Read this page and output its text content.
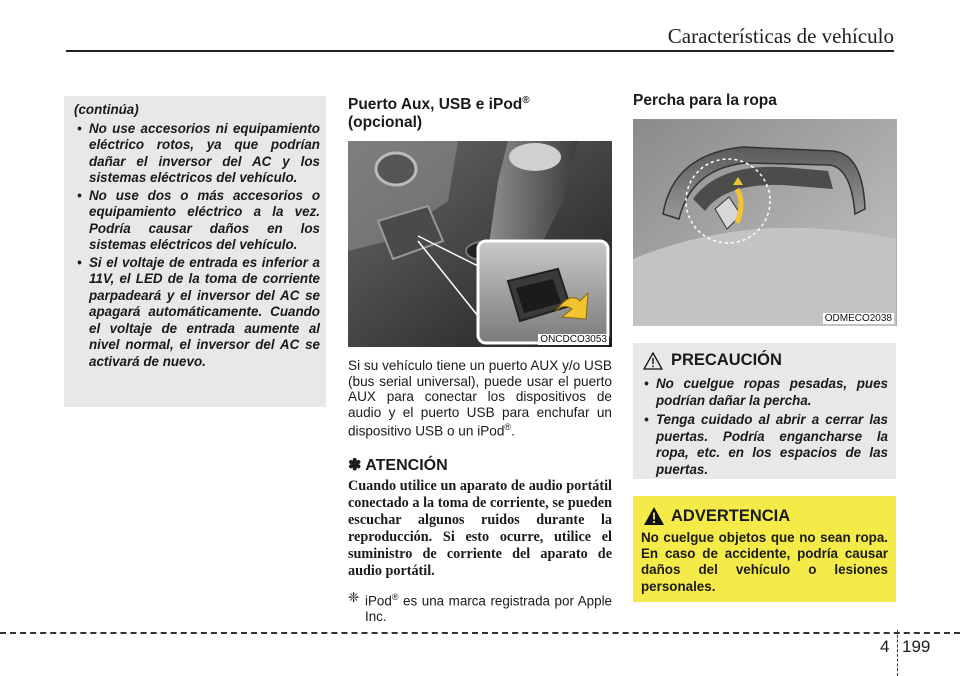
Características de vehículo
(continúa)
• No use accesorios ni equipamiento eléctrico rotos, ya que podrían dañar el inversor del AC y los sistemas eléctricos del vehículo.
• No use dos o más accesorios o equipamiento eléctrico a la vez. Podría causar daños en los sistemas eléctricos del vehículo.
• Si el voltaje de entrada es inferior a 11V, el LED de la toma de corriente parpadeará y el inversor del AC se apagará automáticamente. Cuando el voltaje de entrada aumente al nivel normal, el inversor del AC se activará de nuevo.

Puerto Aux, USB e iPod®
(opcional)

ONCDCO3053

Si su vehículo tiene un puerto AUX y/o USB (bus serial universal), puede usar el puerto AUX para conectar los dispositivos de audio y el puerto USB para enchufar un dispositivo USB o un iPod®.

✽ ATENCIÓN

Cuando utilice un aparato de audio portátil conectado a la toma de corriente, se pueden escuchar algunos ruidos durante la reproducción. Si esto ocurre, utilice el suministro de corriente del aparato de audio portátil.

❈ iPod® es una marca registrada por Apple Inc.

Percha para la ropa

ODMECO2038
PRECAUCIÓN
• No cuelgue ropas pesadas, pues podrían dañar la percha.
• Tenga cuidado al abrir a cerrar las puertas. Podría engancharse la ropa, etc. en los espacios de las puertas.
ADVERTENCIA

No cuelgue objetos que no sean ropa. En caso de accidente, podría causar daños del vehículo o lesiones personales.

4 199
